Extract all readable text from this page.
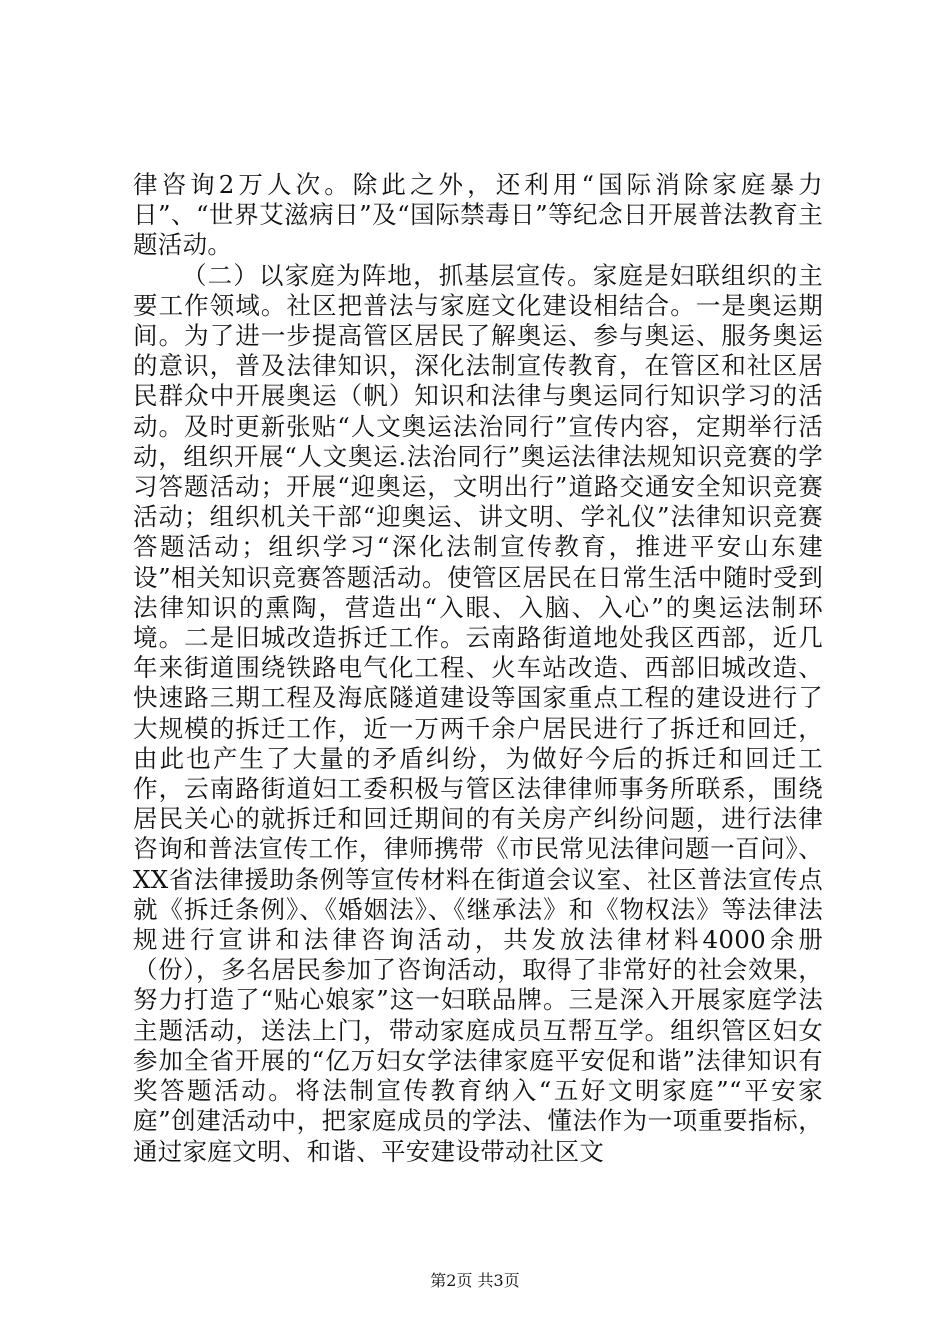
律咨询2万人次。除此之外，还利用“国际消除家庭暴力日”、“世界艾滋病日”及“国际禁毒日”等纪念日开展普法教育主题活动。

（二）以家庭为阵地，抓基层宣传。家庭是妇联组织的主要工作领域。社区把普法与家庭文化建设相结合。一是奥运期间。为了进一步提高管区居民了解奥运、参与奥运、服务奥运的意识，普及法律知识，深化法制宣传教育，在管区和社区居民群众中开展奥运（帆）知识和法律与奥运同行知识学习的活动。及时更新张贴“人文奥运法治同行”宣传内容，定期举行活动，组织开展“人文奥运.法治同行”奥运法律法规知识竞赛的学习答题活动；开展“迎奥运，文明出行”道路交通安全知识竞赛活动；组织机关干部“迎奥运、讲文明、学礼仪”法律知识竞赛答题活动；组织学习“深化法制宣传教育，推进平安山东建设”相关知识竞赛答题活动。使管区居民在日常生活中随时受到法律知识的熏陶，营造出“入眼、入脑、入心”的奥运法制环境。二是旧城改造拆迁工作。云南路街道地处我区西部，近几年来街道围绕铁路电气化工程、火车站改造、西部旧城改造、快速路三期工程及海底隧道建设等国家重点工程的建设进行了大规模的拆迁工作，近一万两千余户居民进行了拆迁和回迁，由此也产生了大量的矛盾纠纷，为做好今后的拆迁和回迁工作，云南路街道妇工委积极与管区法律律师事务所联系，围绕居民关心的就拆迁和回迁期间的有关房产纠纷问题，进行法律咨询和普法宣传工作，律师携带《市民常见法律问题一百问》、XX省法律援助条例等宣传材料在街道会议室、社区普法宣传点就《拆迁条例》、《婚姻法》、《继承法》和《物权法》等法律法规进行宣讲和法律咨询活动，共发放法律材料4000余册（份），多名居民参加了咨询活动，取得了非常好的社会效果，努力打造了“贴心娘家”这一妇联品牌。三是深入开展家庭学法主题活动，送法上门，带动家庭成员互帮互学。组织管区妇女参加全省开展的“亿万妇女学法律家庭平安促和谐”法律知识有奖答题活动。将法制宣传教育纳入“五好文明家庭”“平安家庭”创建活动中，把家庭成员的学法、懂法作为一项重要指标，通过家庭文明、和谐、平安建设带动社区文

第2页 共3页
